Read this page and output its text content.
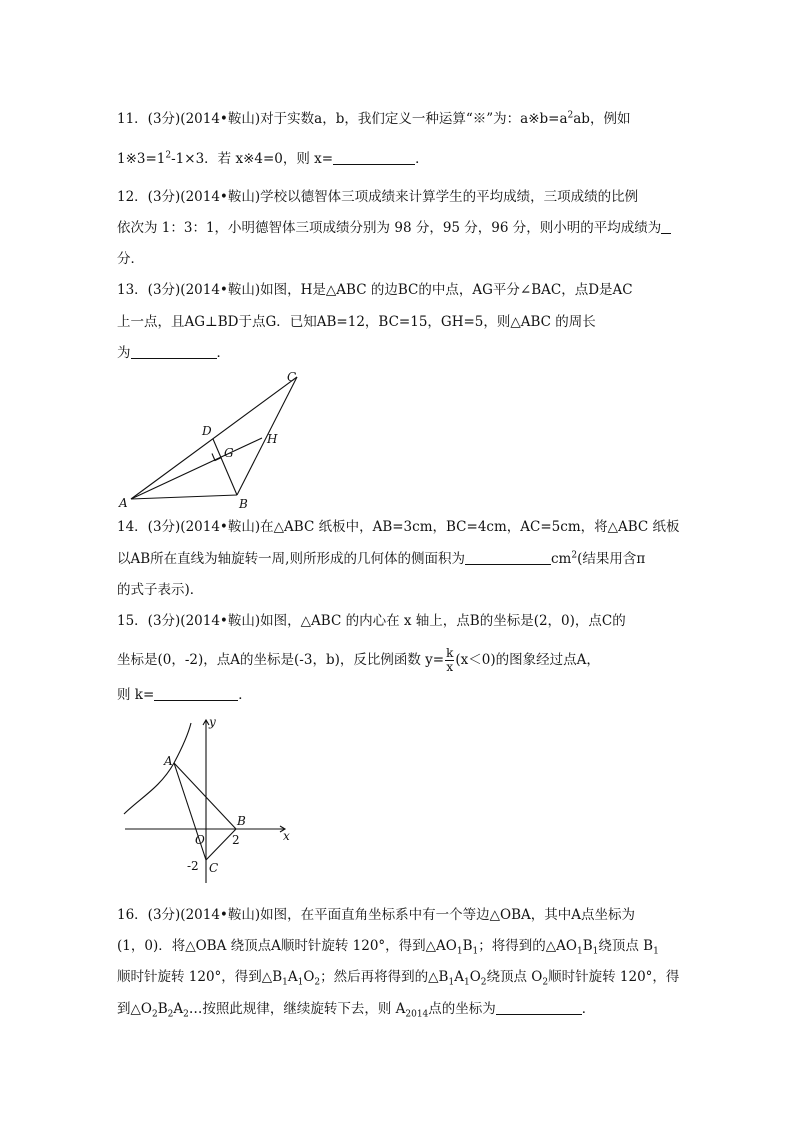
11．(3分)(2014•鞍山)对于实数a，b，我们定义一种运算“※”为：$a※b=a^2ab$，例如
$1※3=1^2-1\times 3$．若 x※4=0，则 x=	．
12．(3分)(2014•鞍山)学校以德智体三项成绩来计算学生的平均成绩，三项成绩的比例
依次为 1：3：1，小明德智体三项成绩分别为 98 分，95 分，96 分，则小明的平均成绩为
分．
13．(3分)(2014•鞍山)如图，H是△ABC 的边BC的中点，AG平分∠BAC，点D是AC
上一点，且AG⊥BD于点G．已知AB=12，BC=15，GH=5，则△ABC 的周长
为	．
A	B
C
D
G
H
14．(3分)(2014•鞍山)在△ABC 纸板中，AB=3cm，BC=4cm，AC=5cm，将△ABC 纸板
以AB所在直线为轴旋转一周,则所形成的几何体的侧面积为	$cm^2$(结果用含π
的式子表示)．
15．(3分)(2014•鞍山)如图，△ABC 的内心在 x 轴上，点B的坐标是(2，0)，点C的
坐标是(0，-2)，点A的坐标是(-3，b)，反比例函数 $y= \frac{k}{x} (x<0)$的图象经过点A，
则 k=	．
y
x
A
B
C
O 2
-2
16．(3分)(2014•鞍山)如图，在平面直角坐标系中有一个等边△OBA，其中A点坐标为
(1，0)．将△OBA 绕顶点A顺时针旋转 120°，得到$\triangle AO_1B_1$；将得到的$\triangle AO_1B_1$绕顶点 $B_1$
顺时针旋转 120°，得到$\triangle B_1A_1O_2$；然后再将得到的$\triangle B_1A_1O_2$绕顶点 $O_2$顺时针旋转 120°，得
到$\triangle O_2B_2A_2\dots$按照此规律，继续旋转下去，则 $A_{2014}$点的坐标为	．
